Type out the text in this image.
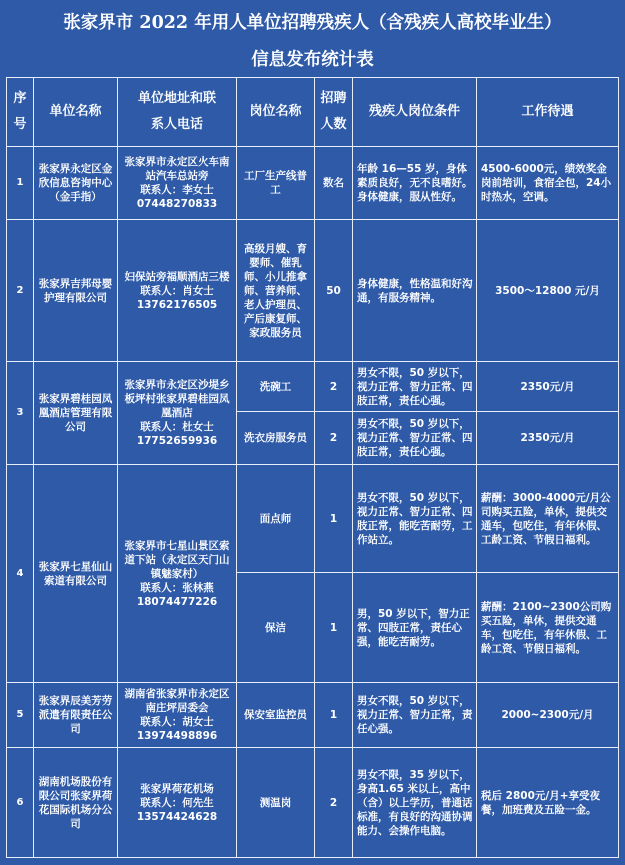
张家界市 2022 年用人单位招聘残疾人（含残疾人高校毕业生）
信息发布统计表
序
号	单位名称	单位地址和联
系人电话	岗位名称	招聘
人数	残疾人岗位条件	工作待遇
1	张家界永定区金欣信息咨询中心（金手指）	张家界市永定区火车南站汽车总站旁
联系人：李女士
07448270833	工厂生产线普工	数名	年龄 16—55 岁，身体素质良好，无不良嗜好。身体健康，服从性好。	4500-6000元，绩效奖金岗前培训，食宿全包，24小时热水，空调。
2	张家界吉邦母婴护理有限公司	妇保站旁福顺酒店三楼
联系人：肖女士
13762176505	高级月嫂、育婴师、催乳师、小儿推拿师、营养师、老人护理员、产后康复师、家政服务员	50	身体健康，性格温和好沟通，有服务精神。	3500～12800 元/月
3	张家界碧桂园凤凰酒店管理有限公司	张家界市永定区沙堤乡板坪村张家界碧桂园凤凰酒店
联系人：杜女士
17752659936	洗碗工	2	男女不限，50 岁以下，视力正常、智力正常、四肢正常，责任心强。	2350元/月
			洗衣房服务员	2	男女不限，50 岁以下，视力正常、智力正常、四肢正常，责任心强。	2350元/月
4	张家界七星仙山索道有限公司	张家界市七星山景区索道下站（永定区天门山镇魅家村）
联系人：张林燕
18074477226	面点师	1	男女不限，50 岁以下，视力正常、智力正常、四肢正常，能吃苦耐劳，工作站立。	薪酬：3000-4000元/月公司购买五险，单休，提供交通车，包吃住，有年休假、工龄工资、节假日福利。
			保洁	1	男，50 岁以下，智力正常、四肢正常，责任心强，能吃苦耐劳。	薪酬：2100~2300公司购买五险，单休，提供交通车，包吃住，有年休假、工龄工资、节假日福利。
5	张家界辰美芳劳派遣有限责任公司	湖南省张家界市永定区南庄坪居委会
联系人：胡女士
13974498896	保安室监控员	1	男女不限，50 岁以下，视力正常、智力正常，责任心强。	2000~2300元/月
6	湖南机场股份有限公司张家界荷花国际机场分公司	张家界荷花机场
联系人：何先生
13574424628	测温岗	2	男女不限，35 岁以下，身高1.65 米以上，高中（含）以上学历，普通话标准，有良好的沟通协调能力、会操作电脑。	税后 2800元/月+享受夜餐，加班费及五险一金。
